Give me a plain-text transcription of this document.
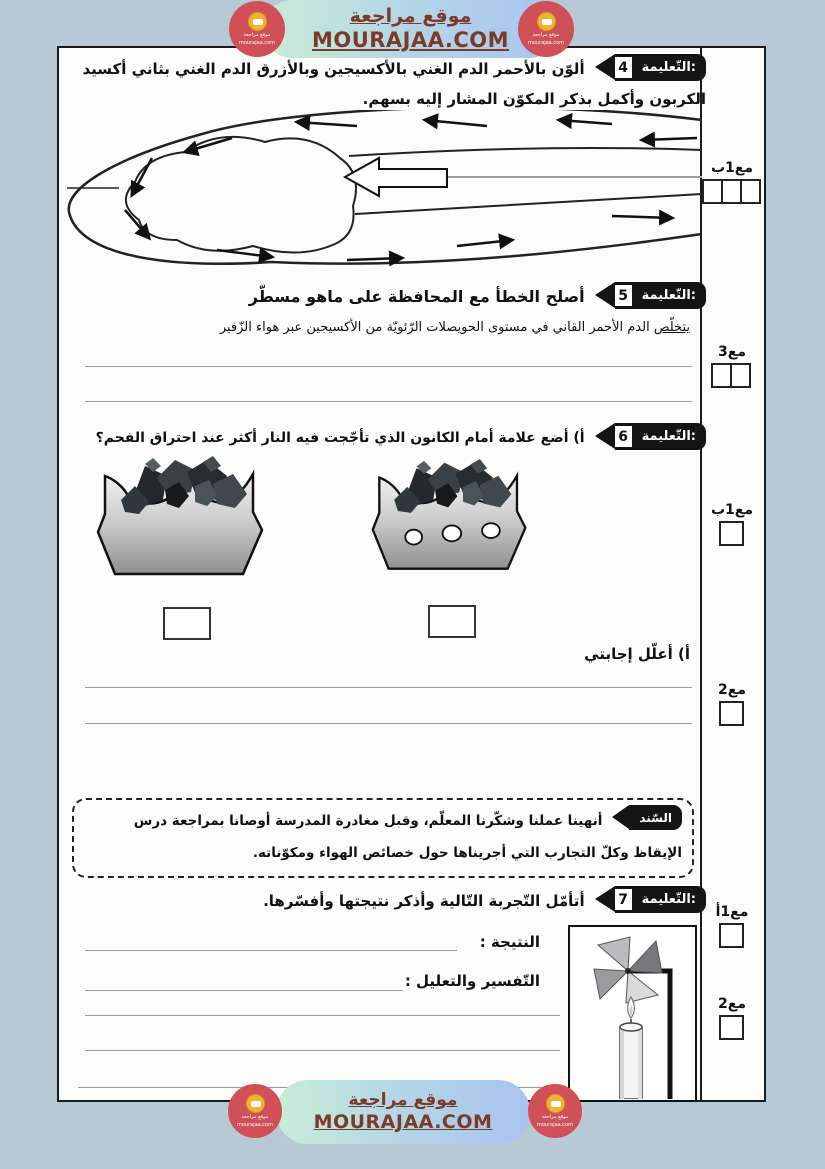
موقع مراجعة
MOURAJAA.COM
موقع مراجعة
mourajaa.com
موقع مراجعة
mourajaa.com
4	التّعليمة:

ألوّن بالأحمر الدم الغني بالأكسيجين وبالأزرق الدم الغني بثاني أكسيد الكربون وأكمل بذكر المكوّن المشار إليه بسهم.

5	التّعليمة:

أصلح الخطأ مع المحافظة على ماهو مسطّر

يتخلّص الدم الأحمر القاني في مستوى الحويصلات الرّئويّة من الأكسيجين عبر هواء الزّفير
6	التّعليمة:

أ) أضع علامة أمام الكانون الذي تأجّجت فيه النار أكثر عند احتراق الفحم؟

أ) أعلّل إجابتي
السّند

أنهينا عملنا وشكّرنا المعلّم، وقبل مغادرة المدرسة أوصانا بمراجعة درس الإيقاظ وكلّ التجارب التي أجريناها حول خصائص الهواء ومكوّناته.

7	التّعليمة:

أتأمّل التّجربة التّالية وأذكر نتيجتها وأفسّرها.

النتيجة :
التّفسير والتعليل :
مع1ب
مع3
مع1ب
مع2
مع1أ
مع2
موقع مراجعة
MOURAJAA.COM
موقع مراجعة
mourajaa.com
موقع مراجعة
mourajaa.com
